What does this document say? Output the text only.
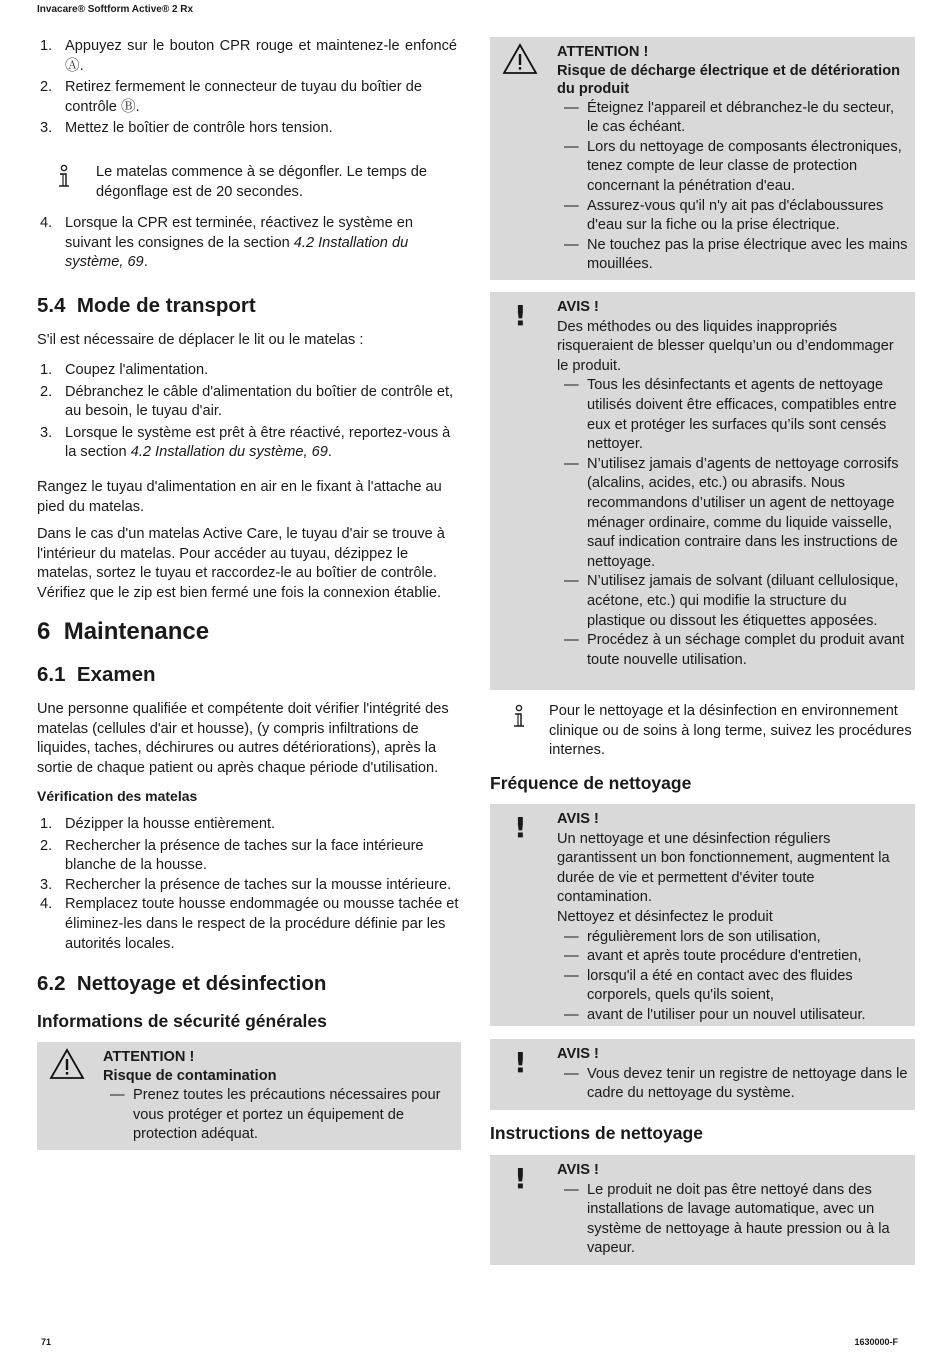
Invacare® Softform Active® 2 Rx
1. Appuyez sur le bouton CPR rouge et maintenez-le enfoncé Ⓐ.
2. Retirez fermement le connecteur de tuyau du boîtier de contrôle Ⓑ.
3. Mettez le boîtier de contrôle hors tension.
Le matelas commence à se dégonfler. Le temps de dégonflage est de 20 secondes.
4. Lorsque la CPR est terminée, réactivez le système en suivant les consignes de la section 4.2 Installation du système, 69.
5.4 Mode de transport
S'il est nécessaire de déplacer le lit ou le matelas :
1. Coupez l'alimentation.
2. Débranchez le câble d'alimentation du boîtier de contrôle et, au besoin, le tuyau d'air.
3. Lorsque le système est prêt à être réactivé, reportez-vous à la section 4.2 Installation du système, 69.
Rangez le tuyau d'alimentation en air en le fixant à l'attache au pied du matelas.
Dans le cas d'un matelas Active Care, le tuyau d'air se trouve à l'intérieur du matelas. Pour accéder au tuyau, dézippez le matelas, sortez le tuyau et raccordez-le au boîtier de contrôle. Vérifiez que le zip est bien fermé une fois la connexion établie.
6 Maintenance
6.1 Examen
Une personne qualifiée et compétente doit vérifier l'intégrité des matelas (cellules d'air et housse), (y compris infiltrations de liquides, taches, déchirures ou autres détériorations), après la sortie de chaque patient ou après chaque période d'utilisation.
Vérification des matelas
1. Dézipper la housse entièrement.
2. Rechercher la présence de taches sur la face intérieure blanche de la housse.
3. Rechercher la présence de taches sur la mousse intérieure.
4. Remplacez toute housse endommagée ou mousse tachée et éliminez-les dans le respect de la procédure définie par les autorités locales.
6.2 Nettoyage et désinfection
Informations de sécurité générales
ATTENTION !
Risque de contamination
— Prenez toutes les précautions nécessaires pour vous protéger et portez un équipement de protection adéquat.
ATTENTION !
Risque de décharge électrique et de détérioration du produit
— Éteignez l'appareil et débranchez-le du secteur, le cas échéant.
— Lors du nettoyage de composants électroniques, tenez compte de leur classe de protection concernant la pénétration d'eau.
— Assurez-vous qu'il n'y ait pas d'éclaboussures d'eau sur la fiche ou la prise électrique.
— Ne touchez pas la prise électrique avec les mains mouillées.
! AVIS !
Des méthodes ou des liquides inappropriés risqueraient de blesser quelqu’un ou d’endommager le produit.
— Tous les désinfectants et agents de nettoyage utilisés doivent être efficaces, compatibles entre eux et protéger les surfaces qu’ils sont censés nettoyer.
— N’utilisez jamais d’agents de nettoyage corrosifs (alcalins, acides, etc.) ou abrasifs. Nous recommandons d’utiliser un agent de nettoyage ménager ordinaire, comme du liquide vaisselle, sauf indication contraire dans les instructions de nettoyage.
— N’utilisez jamais de solvant (diluant cellulosique, acétone, etc.) qui modifie la structure du plastique ou dissout les étiquettes apposées.
— Procédez à un séchage complet du produit avant toute nouvelle utilisation.
Pour le nettoyage et la désinfection en environnement clinique ou de soins à long terme, suivez les procédures internes.
Fréquence de nettoyage
! AVIS !
Un nettoyage et une désinfection réguliers garantissent un bon fonctionnement, augmentent la durée de vie et permettent d'éviter toute contamination.
Nettoyez et désinfectez le produit
— régulièrement lors de son utilisation,
— avant et après toute procédure d'entretien,
— lorsqu'il a été en contact avec des fluides corporels, quels qu'ils soient,
— avant de l'utiliser pour un nouvel utilisateur.
! AVIS !
— Vous devez tenir un registre de nettoyage dans le cadre du nettoyage du système.
Instructions de nettoyage
! AVIS !
— Le produit ne doit pas être nettoyé dans des installations de lavage automatique, avec un système de nettoyage à haute pression ou à la vapeur.
71	1630000-F
